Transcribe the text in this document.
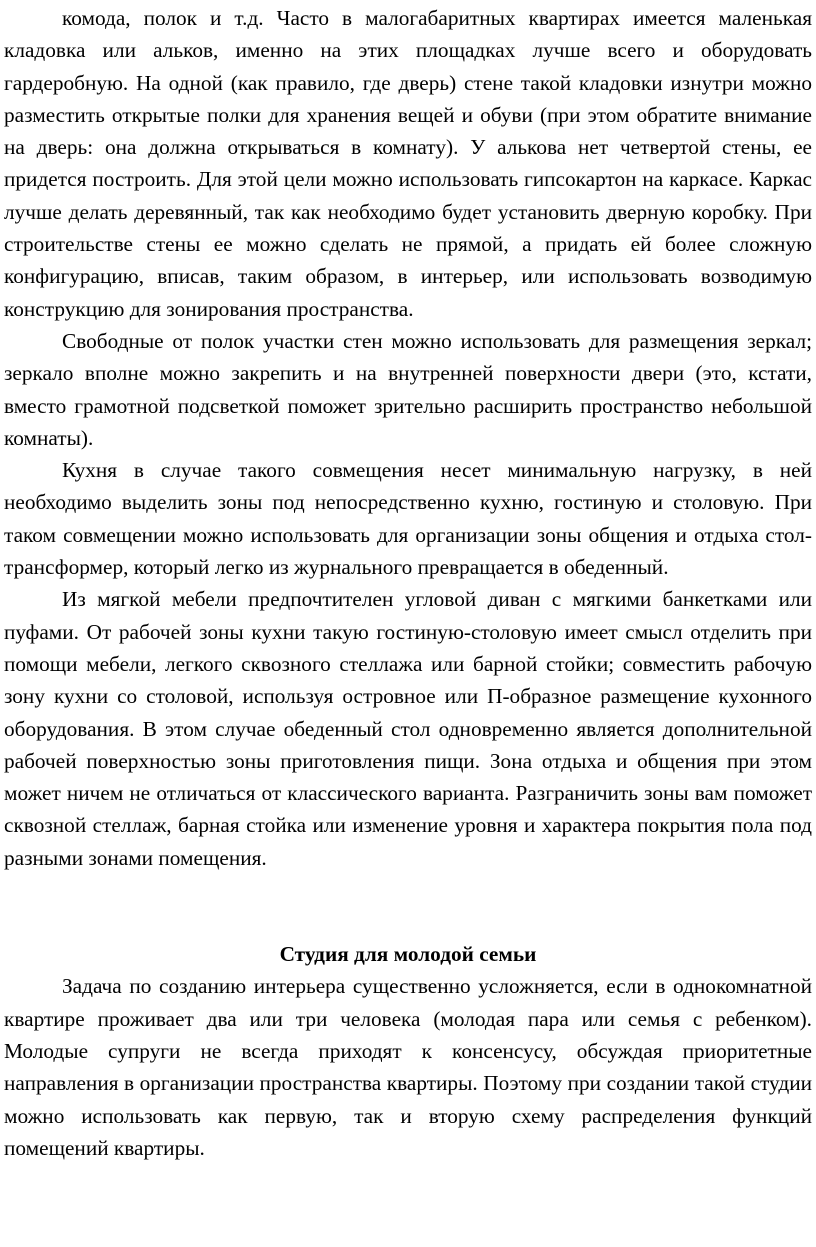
комода, полок и т.д. Часто в малогабаритных квартирах имеется маленькая кладовка или альков, именно на этих площадках лучше всего и оборудовать гардеробную. На одной (как правило, где дверь) стене такой кладовки изнутри можно разместить открытые полки для хранения вещей и обуви (при этом обратите внимание на дверь: она должна открываться в комнату). У алькова нет четвертой стены, ее придется построить. Для этой цели можно использовать гипсокартон на каркасе. Каркас лучше делать деревянный, так как необходимо будет установить дверную коробку. При строительстве стены ее можно сделать не прямой, а придать ей более сложную конфигурацию, вписав, таким образом, в интерьер, или использовать возводимую конструкцию для зонирования пространства.

Свободные от полок участки стен можно использовать для размещения зеркал; зеркало вполне можно закрепить и на внутренней поверхности двери (это, кстати, вместо грамотной подсветкой поможет зрительно расширить пространство небольшой комнаты).

Кухня в случае такого совмещения несет минимальную нагрузку, в ней необходимо выделить зоны под непосредственно кухню, гостиную и столовую. При таком совмещении можно использовать для организации зоны общения и отдыха стол-трансформер, который легко из журнального превращается в обеденный.

Из мягкой мебели предпочтителен угловой диван с мягкими банкетками или пуфами. От рабочей зоны кухни такую гостиную-столовую имеет смысл отделить при помощи мебели, легкого сквозного стеллажа или барной стойки; совместить рабочую зону кухни со столовой, используя островное или П-образное размещение кухонного оборудования. В этом случае обеденный стол одновременно является дополнительной рабочей поверхностью зоны приготовления пищи. Зона отдыха и общения при этом может ничем не отличаться от классического варианта. Разграничить зоны вам поможет сквозной стеллаж, барная стойка или изменение уровня и характера покрытия пола под разными зонами помещения.

Студия для молодой семьи

Задача по созданию интерьера существенно усложняется, если в однокомнатной квартире проживает два или три человека (молодая пара или семья с ребенком). Молодые супруги не всегда приходят к консенсусу, обсуждая приоритетные направления в организации пространства квартиры. Поэтому при создании такой студии можно использовать как первую, так и вторую схему распределения функций помещений квартиры.
